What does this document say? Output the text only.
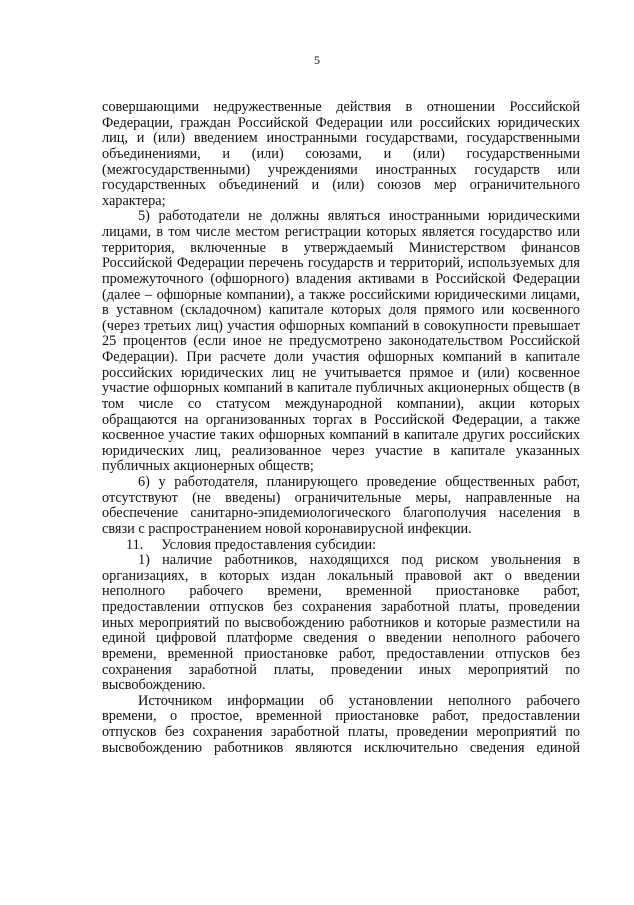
5

совершающими недружественные действия в отношении Российской

Федерации, граждан Российской Федерации или российских юридических

лиц, и (или) введением иностранными государствами, государственными

объединениями, и (или) союзами, и (или) государственными

(межгосударственными) учреждениями иностранных государств или

государственных объединений и (или) союзов мер ограничительного

характера;

5) работодатели не должны являться иностранными юридическими

лицами, в том числе местом регистрации которых является государство или

территория, включенные в утверждаемый Министерством финансов

Российской Федерации перечень государств и территорий, используемых для

промежуточного (офшорного) владения активами в Российской Федерации

(далее – офшорные компании), а также российскими юридическими лицами,

в уставном (складочном) капитале которых доля прямого или косвенного

(через третьих лиц) участия офшорных компаний в совокупности превышает

25 процентов (если иное не предусмотрено законодательством Российской

Федерации). При расчете доли участия офшорных компаний в капитале

российских юридических лиц не учитывается прямое и (или) косвенное

участие офшорных компаний в капитале публичных акционерных обществ (в

том числе со статусом международной компании), акции которых

обращаются на организованных торгах в Российской Федерации, а также

косвенное участие таких офшорных компаний в капитале других российских

юридических лиц, реализованное через участие в капитале указанных

публичных акционерных обществ;

6) у работодателя, планирующего проведение общественных работ,

отсутствуют (не введены) ограничительные меры, направленные на

обеспечение санитарно-эпидемиологического благополучия населения в

связи с распространением новой коронавирусной инфекции.

11.     Условия предоставления субсидии:

1) наличие работников, находящихся под риском увольнения в

организациях, в которых издан локальный правовой акт о введении

неполного рабочего времени, временной приостановке работ,

предоставлении отпусков без сохранения заработной платы, проведении

иных мероприятий по высвобождению работников и которые разместили на

единой цифровой платформе сведения о введении неполного рабочего

времени, временной приостановке работ, предоставлении отпусков без

сохранения заработной платы, проведении иных мероприятий по

высвобождению.

Источником информации об установлении неполного рабочего

времени, о простое, временной приостановке работ, предоставлении

отпусков без сохранения заработной платы, проведении мероприятий по

высвобождению работников являются исключительно сведения единой
